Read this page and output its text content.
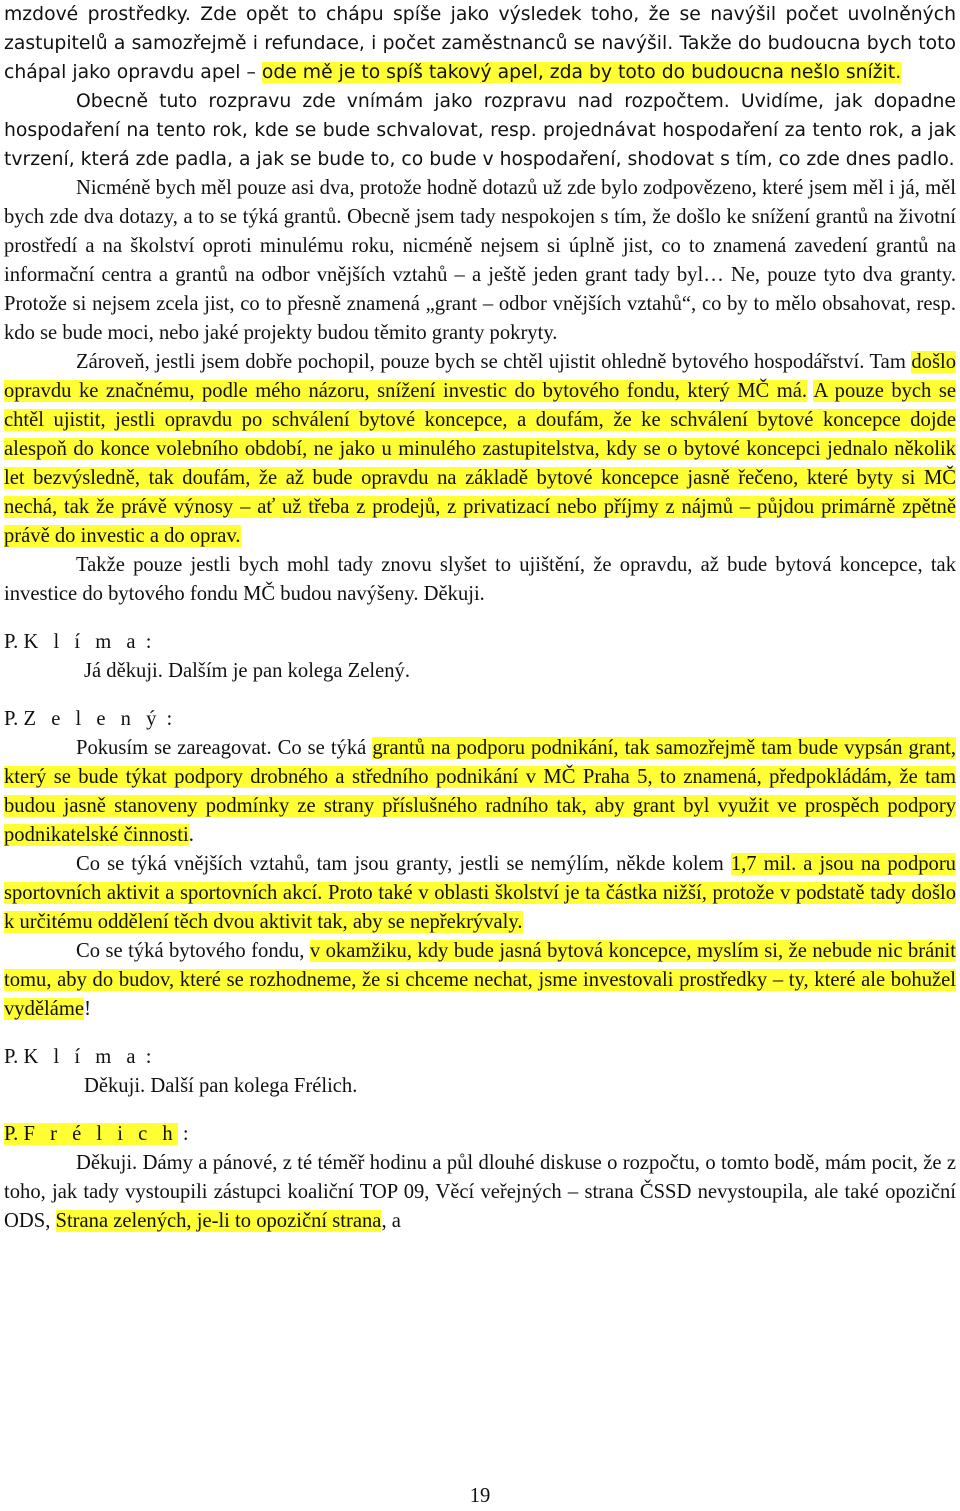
mzdové prostředky. Zde opět to chápu spíše jako výsledek toho, že se navýšil počet uvolněných zastupitelů a samozřejmě i refundace, i počet zaměstnanců se navýšil. Takže do budoucna bych toto chápal jako opravdu apel – ode mě je to spíš takový apel, zda by toto do budoucna nešlo snížit.

Obecně tuto rozpravu zde vnímám jako rozpravu nad rozpočtem. Uvidíme, jak dopadne hospodaření na tento rok, kde se bude schvalovat, resp. projednávat hospodaření za tento rok, a jak tvrzení, která zde padla, a jak se bude to, co bude v hospodaření, shodovat s tím, co zde dnes padlo.

Nicméně bych měl pouze asi dva, protože hodně dotazů už zde bylo zodpovězeno, které jsem měl i já, měl bych zde dva dotazy, a to se týká grantů. Obecně jsem tady nespokojen s tím, že došlo ke snížení grantů na životní prostředí a na školství oproti minulému roku, nicméně nejsem si úplně jist, co to znamená zavedení grantů na informační centra a grantů na odbor vnějších vztahů – a ještě jeden grant tady byl… Ne, pouze tyto dva granty. Protože si nejsem zcela jist, co to přesně znamená „grant – odbor vnějších vztahů“, co by to mělo obsahovat, resp. kdo se bude moci, nebo jaké projekty budou těmito granty pokryty.

Zároveň, jestli jsem dobře pochopil, pouze bych se chtěl ujistit ohledně bytového hospodářství. Tam došlo opravdu ke značnému, podle mého názoru, snížení investic do bytového fondu, který MČ má. A pouze bych se chtěl ujistit, jestli opravdu po schválení bytové koncepce, a doufám, že ke schválení bytové koncepce dojde alespoň do konce volebního období, ne jako u minulého zastupitelstva, kdy se o bytové koncepci jednalo několik let bezvýsledně, tak doufám, že až bude opravdu na základě bytové koncepce jasně řečeno, které byty si MČ nechá, tak že právě výnosy – ať už třeba z prodejů, z privatizací nebo příjmy z nájmů – půjdou primárně zpětně právě do investic a do oprav.

Takže pouze jestli bych mohl tady znovu slyšet to ujištění, že opravdu, až bude bytová koncepce, tak investice do bytového fondu MČ budou navýšeny. Děkuji.

P. K l í m a :

Já děkuji. Dalším je pan kolega Zelený.

P. Z e l e n ý :

Pokusím se zareagovat. Co se týká grantů na podporu podnikání, tak samozřejmě tam bude vypsán grant, který se bude týkat podpory drobného a středního podnikání v MČ Praha 5, to znamená, předpokládám, že tam budou jasně stanoveny podmínky ze strany příslušného radního tak, aby grant byl využit ve prospěch podpory podnikatelské činnosti.

Co se týká vnějších vztahů, tam jsou granty, jestli se nemýlím, někde kolem 1,7 mil. a jsou na podporu sportovních aktivit a sportovních akcí. Proto také v oblasti školství je ta částka nižší, protože v podstatě tady došlo k určitému oddělení těch dvou aktivit tak, aby se nepřekrývaly.

Co se týká bytového fondu, v okamžiku, kdy bude jasná bytová koncepce, myslím si, že nebude nic bránit tomu, aby do budov, které se rozhodneme, že si chceme nechat, jsme investovali prostředky – ty, které ale bohužel vyděláme!

P. K l í m a :

Děkuji. Další pan kolega Frélich.

P. F r é l i c h :

Děkuji. Dámy a pánové, z té téměř hodinu a půl dlouhé diskuse o rozpočtu, o tomto bodě, mám pocit, že z toho, jak tady vystoupili zástupci koaliční TOP 09, Věcí veřejných – strana ČSSD nevystoupila, ale také opoziční ODS, Strana zelených, je-li to opoziční strana, a

19
